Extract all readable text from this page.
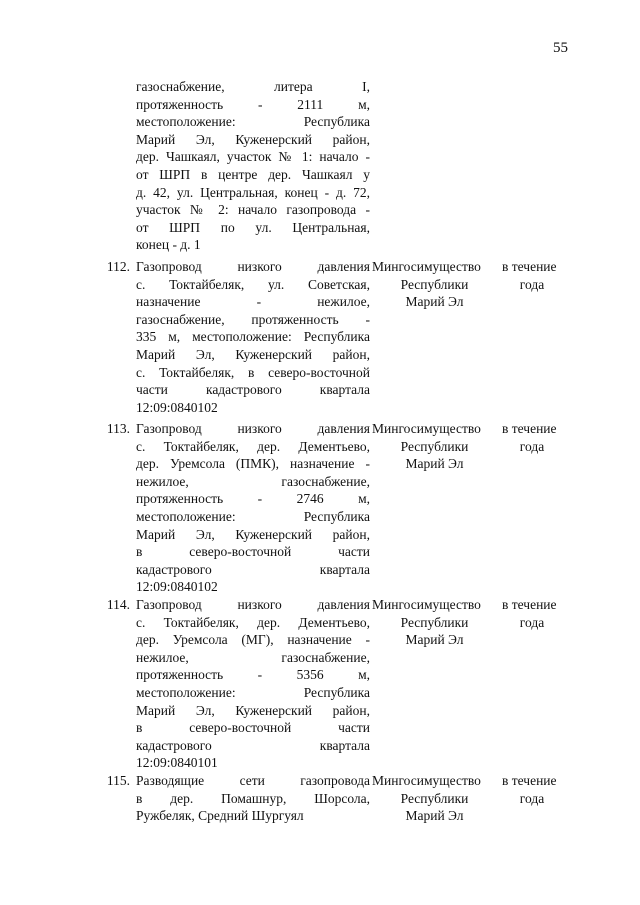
55
газоснабжение, литера I,
протяженность - 2111 м,
местоположение: Республика
Марий Эл, Куженерский район,
дер. Чашкаял, участок № 1: начало -
от ШРП в центре дер. Чашкаял у
д. 42, ул. Центральная, конец - д. 72,
участок № 2: начало газопровода -
от ШРП по ул. Центральная,
конец - д. 1
112. Газопровод низкого давления
с. Токтайбеляк, ул. Советская,
назначение - нежилое,
газоснабжение, протяженность -
335 м, местоположение: Республика
Марий Эл, Куженерский район,
с. Токтайбеляк, в северо-восточной
части кадастрового квартала
12:09:0840102
Мингосимущество
Республики
Марий Эл
в течение
года
113. Газопровод низкого давления
с. Токтайбеляк, дер. Дементьево,
дер. Уремсола (ПМК), назначение -
нежилое, газоснабжение,
протяженность - 2746 м,
местоположение: Республика
Марий Эл, Куженерский район,
в северо-восточной части
кадастрового квартала
12:09:0840102
Мингосимущество
Республики
Марий Эл
в течение
года
114. Газопровод низкого давления
с. Токтайбеляк, дер. Дементьево,
дер. Уремсола (МГ), назначение -
нежилое, газоснабжение,
протяженность - 5356 м,
местоположение: Республика
Марий Эл, Куженерский район,
в северо-восточной части
кадастрового квартала
12:09:0840101
Мингосимущество
Республики
Марий Эл
в течение
года
115. Разводящие сети газопровода
в дер. Помашнур, Шорсола,
Ружбеляк, Средний Шургуял
Мингосимущество
Республики
Марий Эл
в течение
года
